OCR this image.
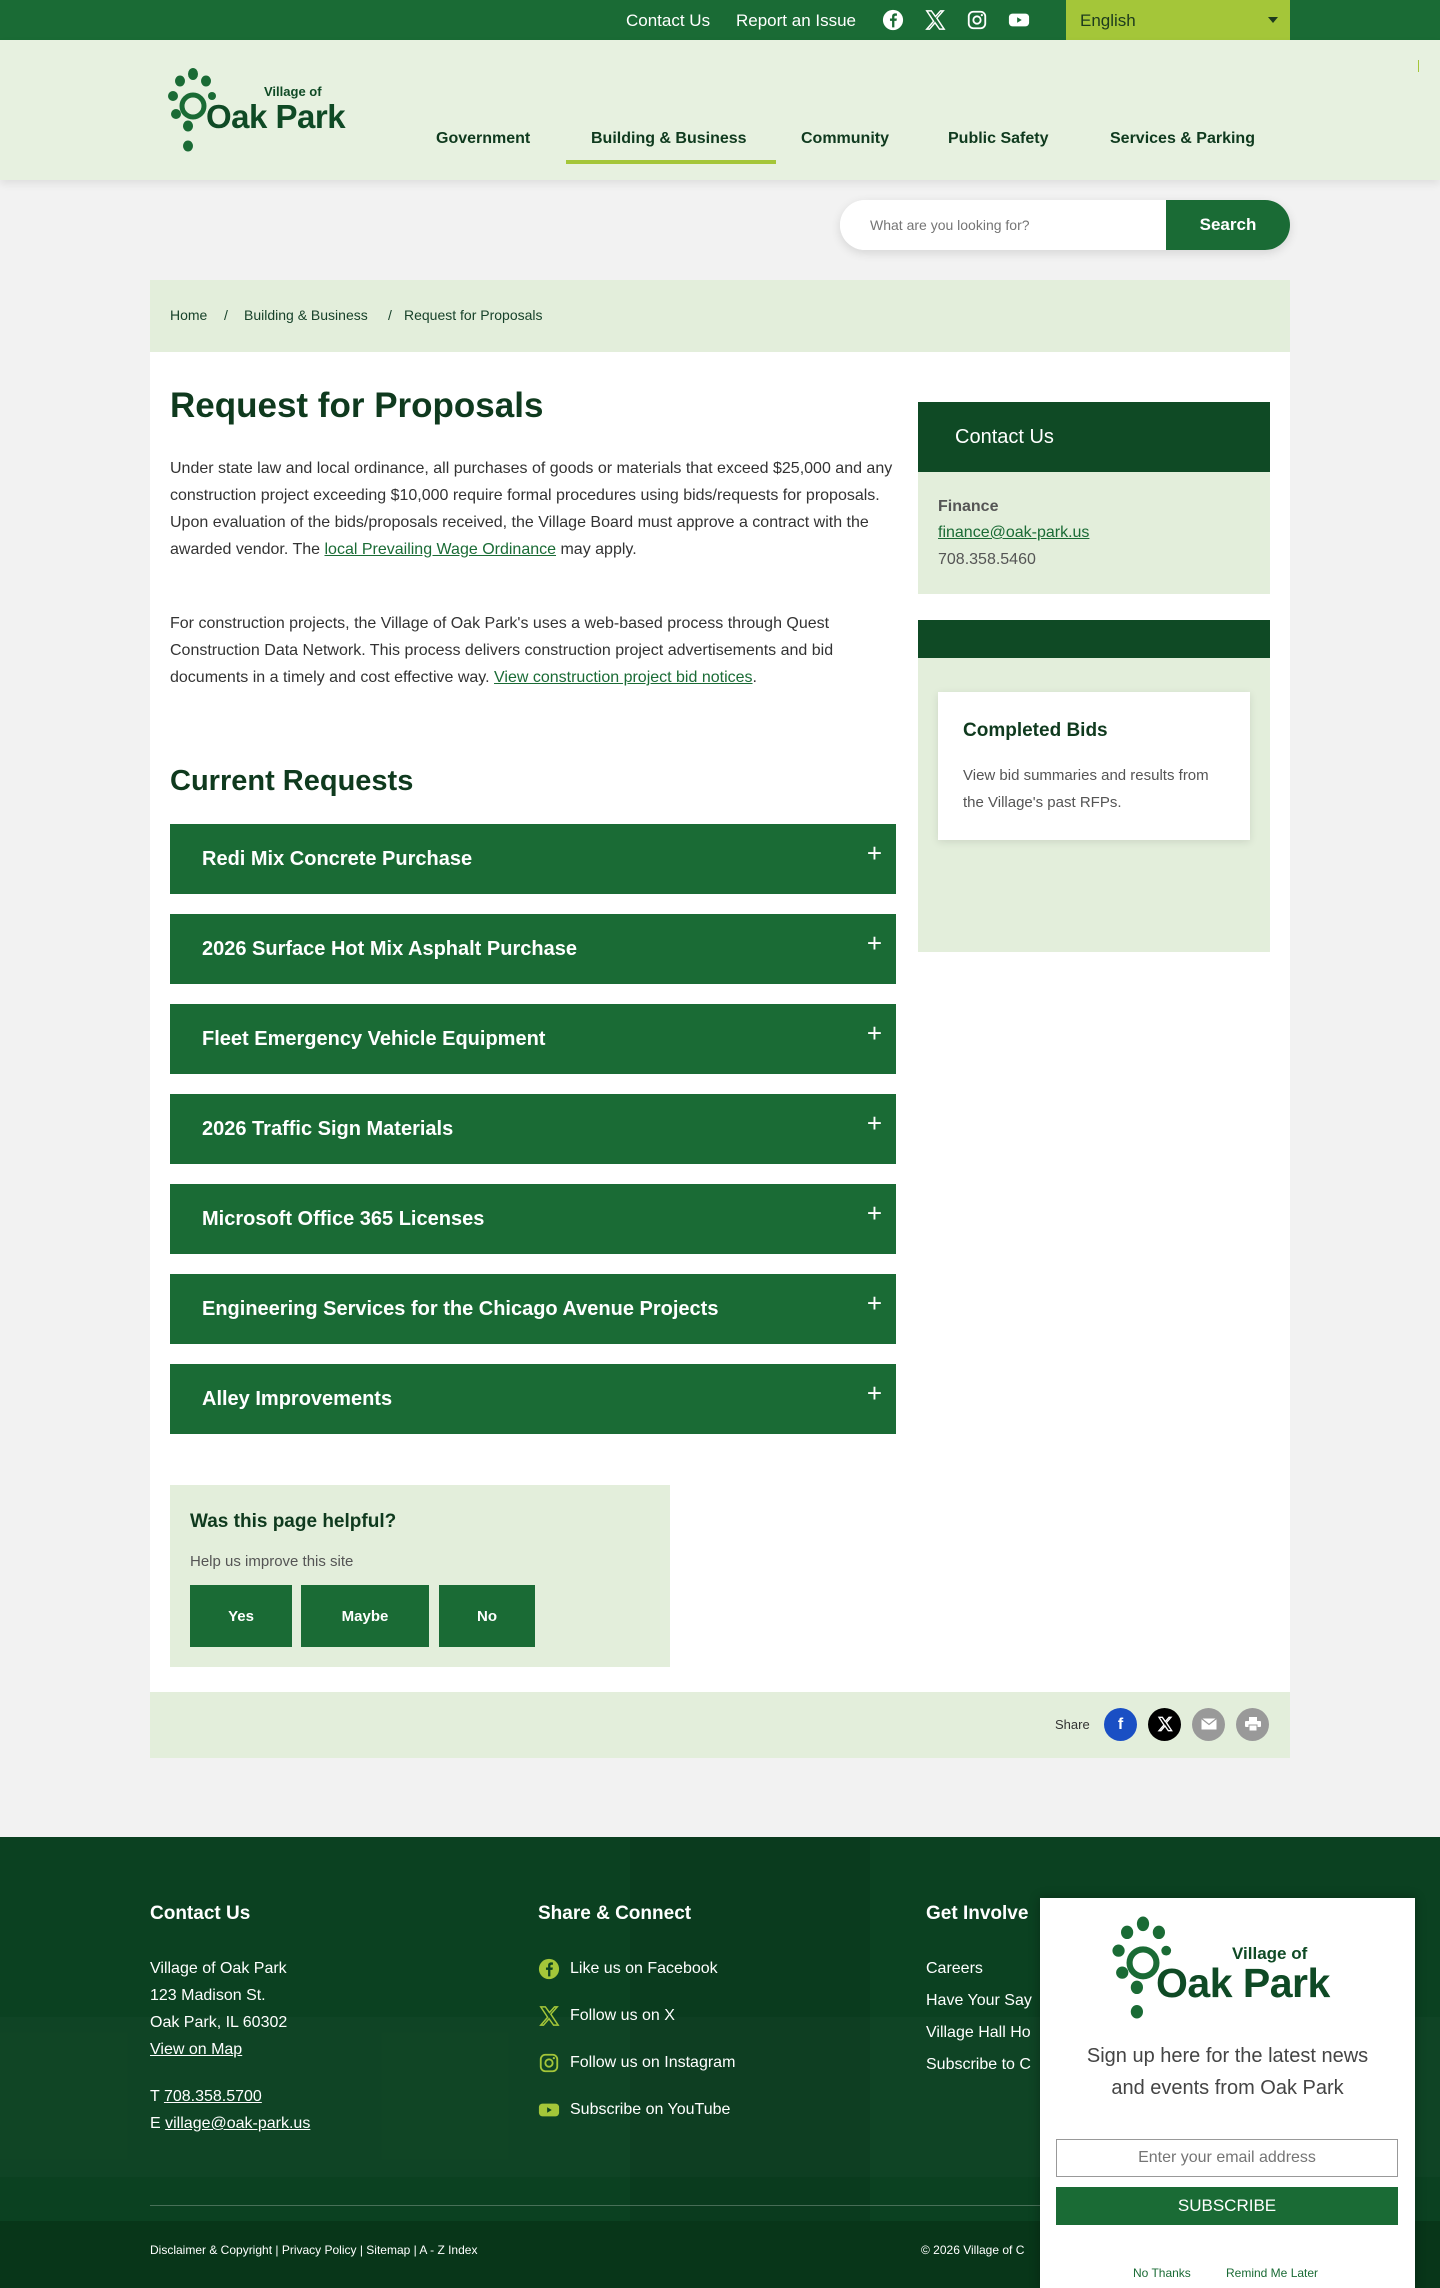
Contact Us Report an Issue	English
Village of
Oak Park
Government	Building & Business	Community	Public Safety	Services & Parking
What are you looking for?
Search
Home / Building & Business / Request for Proposals
Request for Proposals

Under state law and local ordinance, all purchases of goods or materials that exceed $25,000 and any construction project exceeding $10,000 require formal procedures using bids/requests for proposals. Upon evaluation of the bids/proposals received, the Village Board must approve a contract with the awarded vendor. The local Prevailing Wage Ordinance may apply.

For construction projects, the Village of Oak Park's uses a web-based process through Quest Construction Data Network. This process delivers construction project advertisements and bid documents in a timely and cost effective way. View construction project bid notices.

Current Requests
Redi Mix Concrete Purchase	+
2026 Surface Hot Mix Asphalt Purchase	+
Fleet Emergency Vehicle Equipment	+
2026 Traffic Sign Materials	+
Microsoft Office 365 Licenses	+
Engineering Services for the Chicago Avenue Projects	+
Alley Improvements	+
Was this page helpful?
Help us improve this site
Yes	Maybe	No
Share	f
Contact Us
Finance
finance@oak-park.us
708.358.5460
Completed Bids
View bid summaries and results from the Village's past RFPs.
Contact Us
Village of Oak Park
123 Madison St.
Oak Park, IL 60302
View on Map
T 708.358.5700
E village@oak-park.us
Share & Connect
Like us on Facebook
Follow us on X
Follow us on Instagram
Subscribe on YouTube
Get Involve
Careers
Have Your Say
Village Hall Ho
Subscribe to C
Disclaimer & Copyright | Privacy Policy | Sitemap | A - Z Index	© 2026 Village of C
Village of
Oak Park
Sign up here for the latest news and events from Oak Park
Enter your email address
SUBSCRIBE
No Thanks	Remind Me Later
